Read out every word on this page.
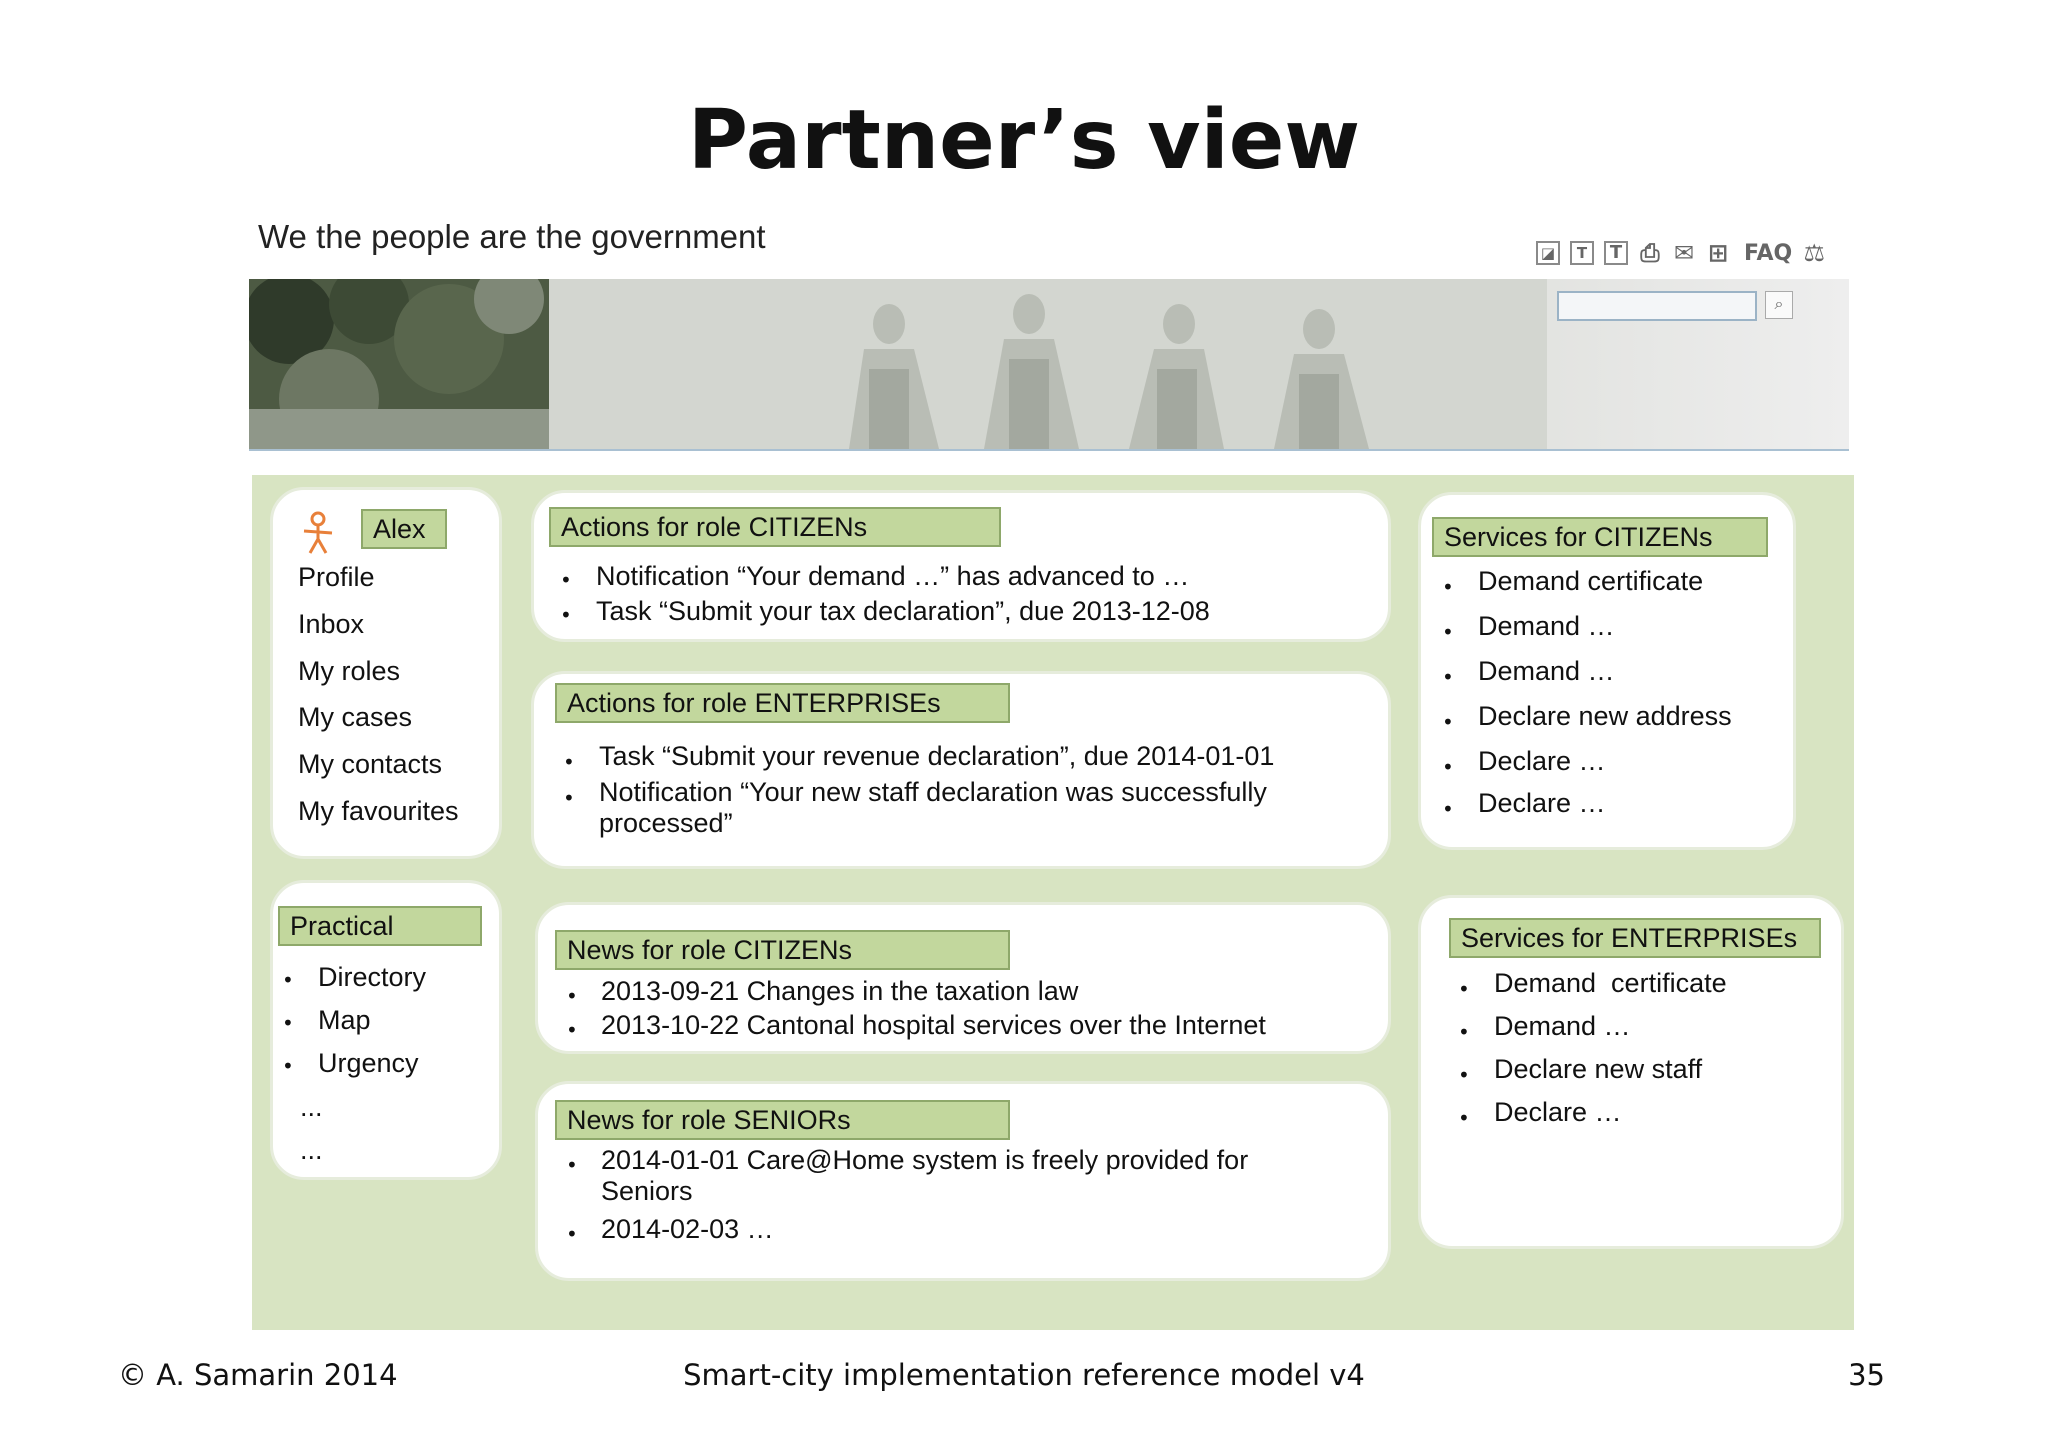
Partner’s view
We the people are the government	◪	T	T ⎙ ✉ ⊞ FAQ ⚖
⌕
Alex
Profile
Inbox
My roles
My cases
My contacts
My favourites
Practical
• Directory
• Map
• Urgency
...
...
Actions for role CITIZENs
• Notification “Your demand …” has advanced to …
• Task “Submit your tax declaration”, due 2013-12-08
Actions for role ENTERPRISEs
• Task “Submit your revenue declaration”, due 2014-01-01
• Notification “Your new staff declaration was successfully
processed”
News for role CITIZENs
• 2013-09-21 Changes in the taxation law
• 2013-10-22 Cantonal hospital services over the Internet
News for role SENIORs
• 2014-01-01 Care@Home system is freely provided for
Seniors
• 2014-02-03 …
Services for CITIZENs
• Demand certificate
• Demand …
• Demand …
• Declare new address
• Declare …
• Declare …
Services for ENTERPRISEs
• Demand  certificate
• Demand …
• Declare new staff
• Declare …
© A. Samarin 2014	Smart-city implementation reference model v4	35
